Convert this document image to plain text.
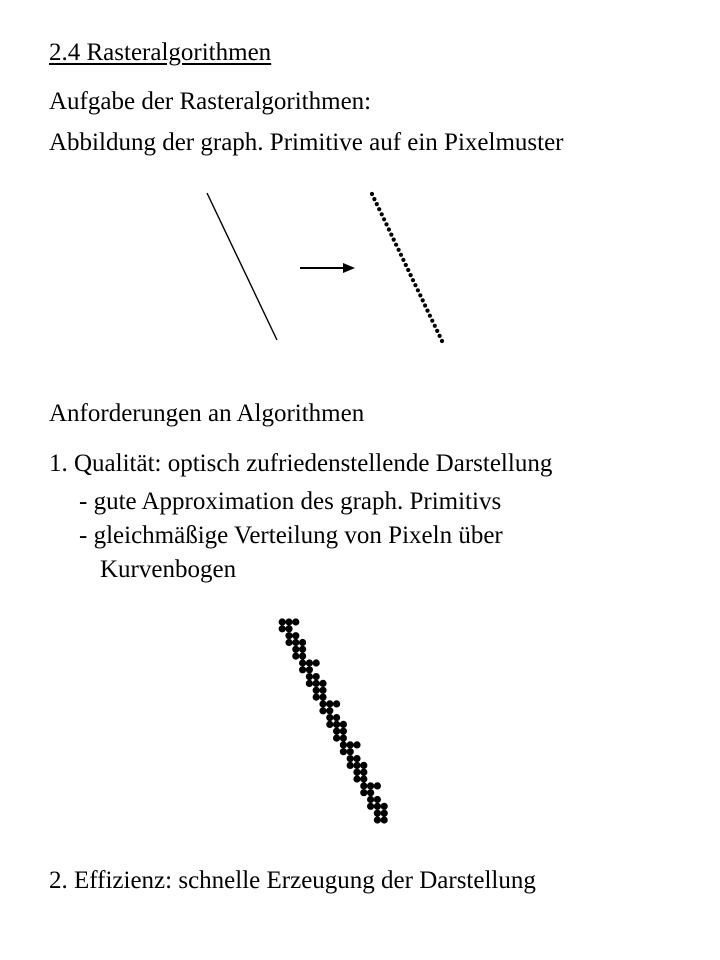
2.4 Rasteralgorithmen
Aufgabe der Rasteralgorithmen:
Abbildung der graph. Primitive auf ein Pixelmuster
Anforderungen an Algorithmen
1. Qualität: optisch zufriedenstellende Darstellung
- gute Approximation des graph. Primitivs
- gleichmäßige Verteilung von Pixeln über
Kurvenbogen
2. Effizienz: schnelle Erzeugung der Darstellung
